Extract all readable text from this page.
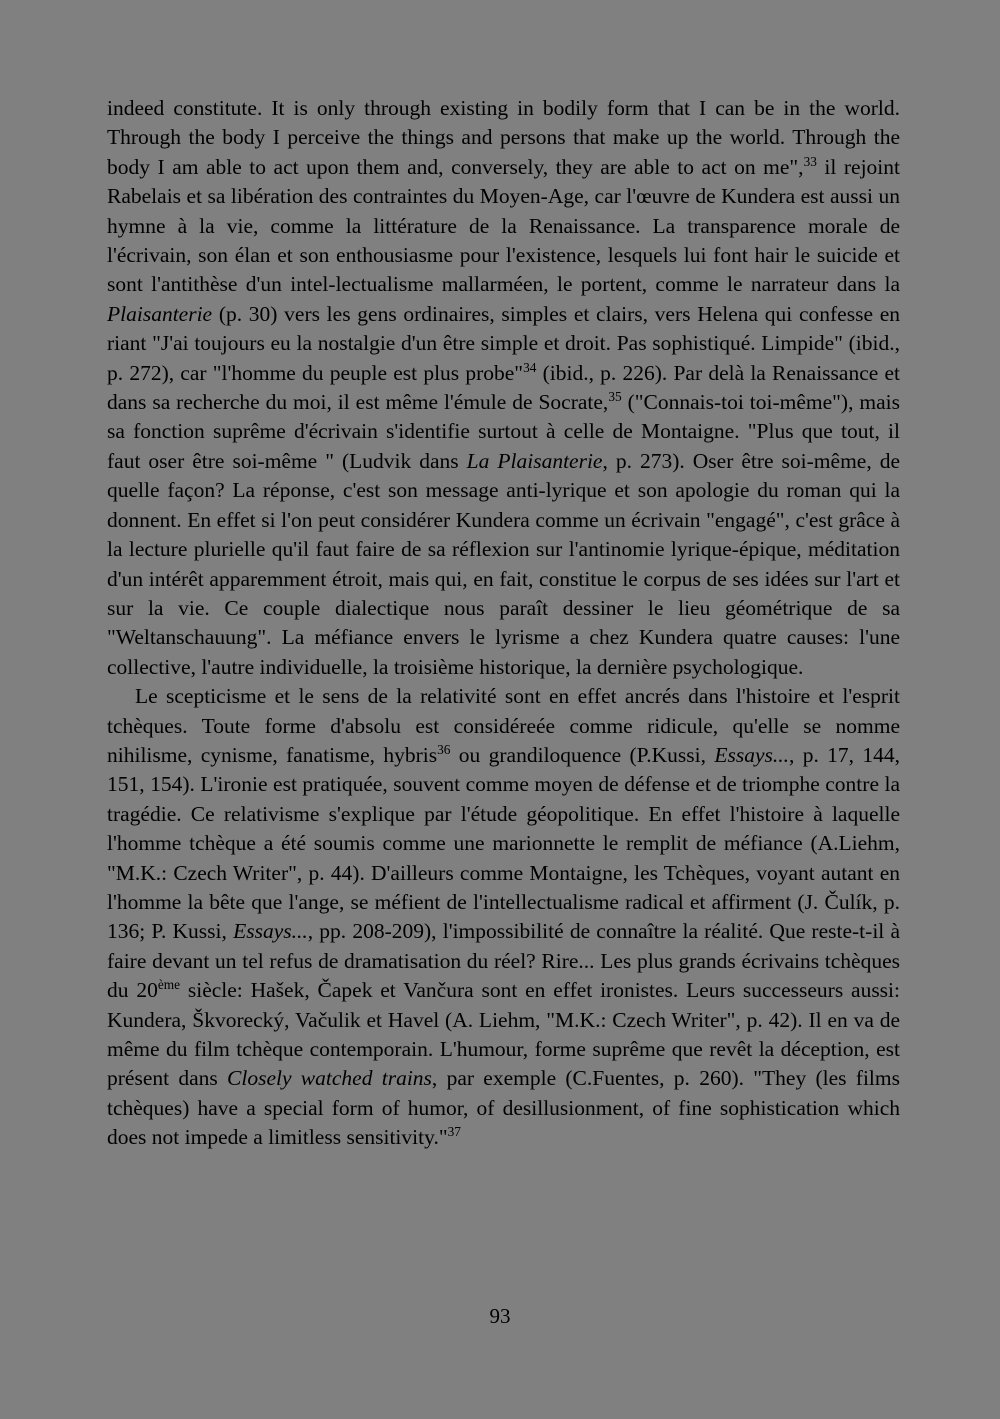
indeed constitute. It is only through existing in bodily form that I can be in the world. Through the body I perceive the things and persons that make up the world. Through the body I am able to act upon them and, conversely, they are able to act on me",$^{33}$ il rejoint Rabelais et sa libération des contraintes du Moyen-Age, car l'œuvre de Kundera est aussi un hymne à la vie, comme la littérature de la Renaissance. La transparence morale de l'écrivain, son élan et son enthousiasme pour l'existence, lesquels lui font hair le suicide et sont l'antithèse d'un intel-lectualisme mallarméen, le portent, comme le narrateur dans la Plaisanterie (p. 30) vers les gens ordinaires, simples et clairs, vers Helena qui confesse en riant "J'ai toujours eu la nostalgie d'un être simple et droit. Pas sophistiqué. Limpide" (ibid., p. 272), car "l'homme du peuple est plus probe"$^{34}$ (ibid., p. 226). Par delà la Renaissance et dans sa recherche du moi, il est même l'émule de Socrate,$^{35}$ ("Connais-toi toi-même"), mais sa fonction suprême d'écrivain s'identifie surtout à celle de Montaigne. "Plus que tout, il faut oser être soi-même " (Ludvik dans La Plaisanterie, p. 273). Oser être soi-même, de quelle façon? La réponse, c'est son message anti-lyrique et son apologie du roman qui la donnent. En effet si l'on peut considérer Kundera comme un écrivain "engagé", c'est grâce à la lecture plurielle qu'il faut faire de sa réflexion sur l'antinomie lyrique-épique, méditation d'un intérêt apparemment étroit, mais qui, en fait, constitue le corpus de ses idées sur l'art et sur la vie. Ce couple dialectique nous paraît dessiner le lieu géométrique de sa "Weltanschauung". La méfiance envers le lyrisme a chez Kundera quatre causes: l'une collective, l'autre individuelle, la troisième historique, la dernière psychologique.

Le scepticisme et le sens de la relativité sont en effet ancrés dans l'histoire et l'esprit tchèques. Toute forme d'absolu est considéreée comme ridicule, qu'elle se nomme nihilisme, cynisme, fanatisme, hybris$^{36}$ ou grandiloquence (P.Kussi, Essays..., p. 17, 144, 151, 154). L'ironie est pratiquée, souvent comme moyen de défense et de triomphe contre la tragédie. Ce relativisme s'explique par l'étude géopolitique. En effet l'histoire à laquelle l'homme tchèque a été soumis comme une marionnette le remplit de méfiance (A.Liehm, "M.K.: Czech Writer", p. 44). D'ailleurs comme Montaigne, les Tchèques, voyant autant en l'homme la bête que l'ange, se méfient de l'intellectualisme radical et affirment (J. Čulík, p. 136; P. Kussi, Essays..., pp. 208-209), l'impossibilité de connaître la réalité. Que reste-t-il à faire devant un tel refus de dramatisation du réel? Rire... Les plus grands écrivains tchèques du 20ème siècle: Hašek, Čapek et Vančura sont en effet ironistes. Leurs successeurs aussi: Kundera, Škvorecký, Vačulik et Havel (A. Liehm, "M.K.: Czech Writer", p. 42). Il en va de même du film tchèque contemporain. L'humour, forme suprême que revêt la déception, est présent dans Closely watched trains, par exemple (C.Fuentes, p. 260). "They (les films tchèques) have a special form of humor, of desillusionment, of fine sophistication which does not impede a limitless sensitivity."$^{37}$

93
